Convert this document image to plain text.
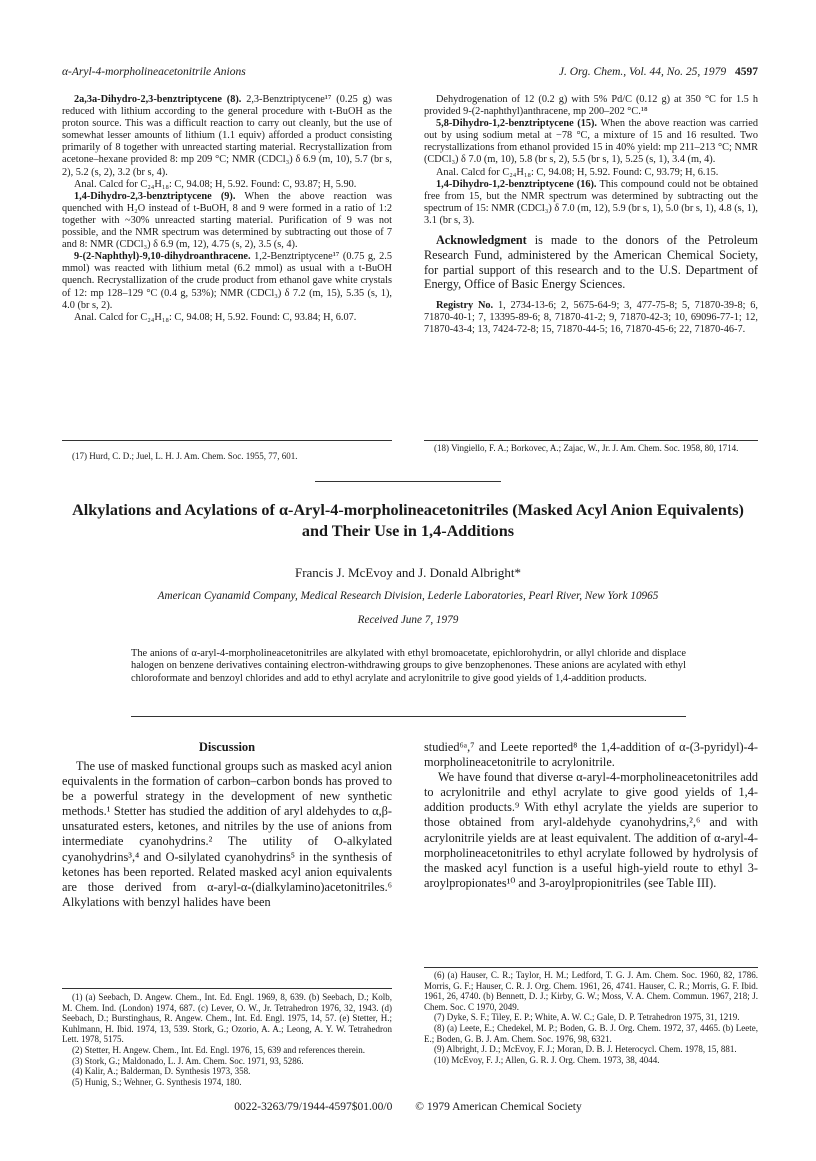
α-Aryl-4-morpholineacetonitrile Anions	J. Org. Chem., Vol. 44, No. 25, 1979 4597

2a,3a-Dihydro-2,3-benztriptycene (8). 2,3-Benztriptycene¹⁷ (0.25 g) was reduced with lithium according to the general procedure with t-BuOH as the proton source. This was a difficult reaction to carry out cleanly, but the use of somewhat lesser amounts of lithium (1.1 equiv) afforded a product consisting primarily of 8 together with unreacted starting material. Recrystallization from acetone–hexane provided 8: mp 209 °C; NMR (CDCl₃) δ 6.9 (m, 10), 5.7 (br s, 2), 5.2 (s, 2), 3.2 (br s, 4).

Anal. Calcd for C₂₄H₁₈: C, 94.08; H, 5.92. Found: C, 93.87; H, 5.90.

1,4-Dihydro-2,3-benztriptycene (9). When the above reaction was quenched with H₂O instead of t-BuOH, 8 and 9 were formed in a ratio of 1:2 together with ~30% unreacted starting material. Purification of 9 was not possible, and the NMR spectrum was determined by subtracting out those of 7 and 8: NMR (CDCl₃) δ 6.9 (m, 12), 4.75 (s, 2), 3.5 (s, 4).

9-(2-Naphthyl)-9,10-dihydroanthracene. 1,2-Benztriptycene¹⁷ (0.75 g, 2.5 mmol) was reacted with lithium metal (6.2 mmol) as usual with a t-BuOH quench. Recrystallization of the crude product from ethanol gave white crystals of 12: mp 128–129 °C (0.4 g, 53%); NMR (CDCl₃) δ 7.2 (m, 15), 5.35 (s, 1), 4.0 (br s, 2).

Anal. Calcd for C₂₄H₁₈: C, 94.08; H, 5.92. Found: C, 93.84; H, 6.07.

Dehydrogenation of 12 (0.2 g) with 5% Pd/C (0.12 g) at 350 °C for 1.5 h provided 9-(2-naphthyl)anthracene, mp 200–202 °C.¹⁸

5,8-Dihydro-1,2-benztriptycene (15). When the above reaction was carried out by using sodium metal at −78 °C, a mixture of 15 and 16 resulted. Two recrystallizations from ethanol provided 15 in 40% yield: mp 211–213 °C; NMR (CDCl₃) δ 7.0 (m, 10), 5.8 (br s, 2), 5.5 (br s, 1), 5.25 (s, 1), 3.4 (m, 4).

Anal. Calcd for C₂₄H₁₈: C, 94.08; H, 5.92. Found: C, 93.79; H, 6.15.

1,4-Dihydro-1,2-benztriptycene (16). This compound could not be obtained free from 15, but the NMR spectrum was determined by subtracting out the spectrum of 15: NMR (CDCl₃) δ 7.0 (m, 12), 5.9 (br s, 1), 5.0 (br s, 1), 4.8 (s, 1), 3.1 (br s, 3).

Acknowledgment is made to the donors of the Petroleum Research Fund, administered by the American Chemical Society, for partial support of this research and to the U.S. Department of Energy, Office of Basic Energy Sciences.

Registry No. 1, 2734-13-6; 2, 5675-64-9; 3, 477-75-8; 5, 71870-39-8; 6, 71870-40-1; 7, 13395-89-6; 8, 71870-41-2; 9, 71870-42-3; 10, 69096-77-1; 12, 71870-43-4; 13, 7424-72-8; 15, 71870-44-5; 16, 71870-45-6; 22, 71870-46-7.

(17) Hurd, C. D.; Juel, L. H. J. Am. Chem. Soc. 1955, 77, 601.

(18) Vingiello, F. A.; Borkovec, A.; Zajac, W., Jr. J. Am. Chem. Soc. 1958, 80, 1714.

Alkylations and Acylations of α-Aryl-4-morpholineacetonitriles (Masked Acyl Anion Equivalents) and Their Use in 1,4-Additions
Francis J. McEvoy and J. Donald Albright*
American Cyanamid Company, Medical Research Division, Lederle Laboratories, Pearl River, New York 10965
Received June 7, 1979
The anions of α-aryl-4-morpholineacetonitriles are alkylated with ethyl bromoacetate, epichlorohydrin, or allyl chloride and displace halogen on benzene derivatives containing electron-withdrawing groups to give benzophenones. These anions are acylated with ethyl chloroformate and benzoyl chlorides and add to ethyl acrylate and acrylonitrile to give good yields of 1,4-addition products.
Discussion

The use of masked functional groups such as masked acyl anion equivalents in the formation of carbon–carbon bonds has proved to be a powerful strategy in the development of new synthetic methods.¹ Stetter has studied the addition of aryl aldehydes to α,β-unsaturated esters, ketones, and nitriles by the use of anions from intermediate cyanohydrins.² The utility of O-alkylated cyanohydrins³,⁴ and O-silylated cyanohydrins⁵ in the synthesis of ketones has been reported. Related masked acyl anion equivalents are those derived from α-aryl-α-(dialkylamino)acetonitriles.⁶ Alkylations with benzyl halides have been

studied⁶ᵃ,⁷ and Leete reported⁸ the 1,4-addition of α-(3-pyridyl)-4-morpholineacetonitrile to acrylonitrile.

We have found that diverse α-aryl-4-morpholineacetonitriles add to acrylonitrile and ethyl acrylate to give good yields of 1,4-addition products.⁹ With ethyl acrylate the yields are superior to those obtained from aryl-aldehyde cyanohydrins,²,⁶ and with acrylonitrile yields are at least equivalent. The addition of α-aryl-4-morpholineacetonitriles to ethyl acrylate followed by hydrolysis of the masked acyl function is a useful high-yield route to ethyl 3-aroylpropionates¹⁰ and 3-aroylpropionitriles (see Table III).

(1) (a) Seebach, D. Angew. Chem., Int. Ed. Engl. 1969, 8, 639. (b) Seebach, D.; Kolb, M. Chem. Ind. (London) 1974, 687. (c) Lever, O. W., Jr. Tetrahedron 1976, 32, 1943. (d) Seebach, D.; Burstinghaus, R. Angew. Chem., Int. Ed. Engl. 1975, 14, 57. (e) Stetter, H.; Kuhlmann, H. Ibid. 1974, 13, 539. Stork, G.; Ozorio, A. A.; Leong, A. Y. W. Tetrahedron Lett. 1978, 5175.

(2) Stetter, H. Angew. Chem., Int. Ed. Engl. 1976, 15, 639 and references therein.

(3) Stork, G.; Maldonado, L. J. Am. Chem. Soc. 1971, 93, 5286.

(4) Kalir, A.; Balderman, D. Synthesis 1973, 358.

(5) Hunig, S.; Wehner, G. Synthesis 1974, 180.

(6) (a) Hauser, C. R.; Taylor, H. M.; Ledford, T. G. J. Am. Chem. Soc. 1960, 82, 1786. Morris, G. F.; Hauser, C. R. J. Org. Chem. 1961, 26, 4741. Hauser, C. R.; Morris, G. F. Ibid. 1961, 26, 4740. (b) Bennett, D. J.; Kirby, G. W.; Moss, V. A. Chem. Commun. 1967, 218; J. Chem. Soc. C 1970, 2049.

(7) Dyke, S. F.; Tiley, E. P.; White, A. W. C.; Gale, D. P. Tetrahedron 1975, 31, 1219.

(8) (a) Leete, E.; Chedekel, M. P.; Boden, G. B. J. Org. Chem. 1972, 37, 4465. (b) Leete, E.; Boden, G. B. J. Am. Chem. Soc. 1976, 98, 6321.

(9) Albright, J. D.; McEvoy, F. J.; Moran, D. B. J. Heterocycl. Chem. 1978, 15, 881.

(10) McEvoy, F. J.; Allen, G. R. J. Org. Chem. 1973, 38, 4044.

0022-3263/79/1944-4597$01.00/0 © 1979 American Chemical Society
